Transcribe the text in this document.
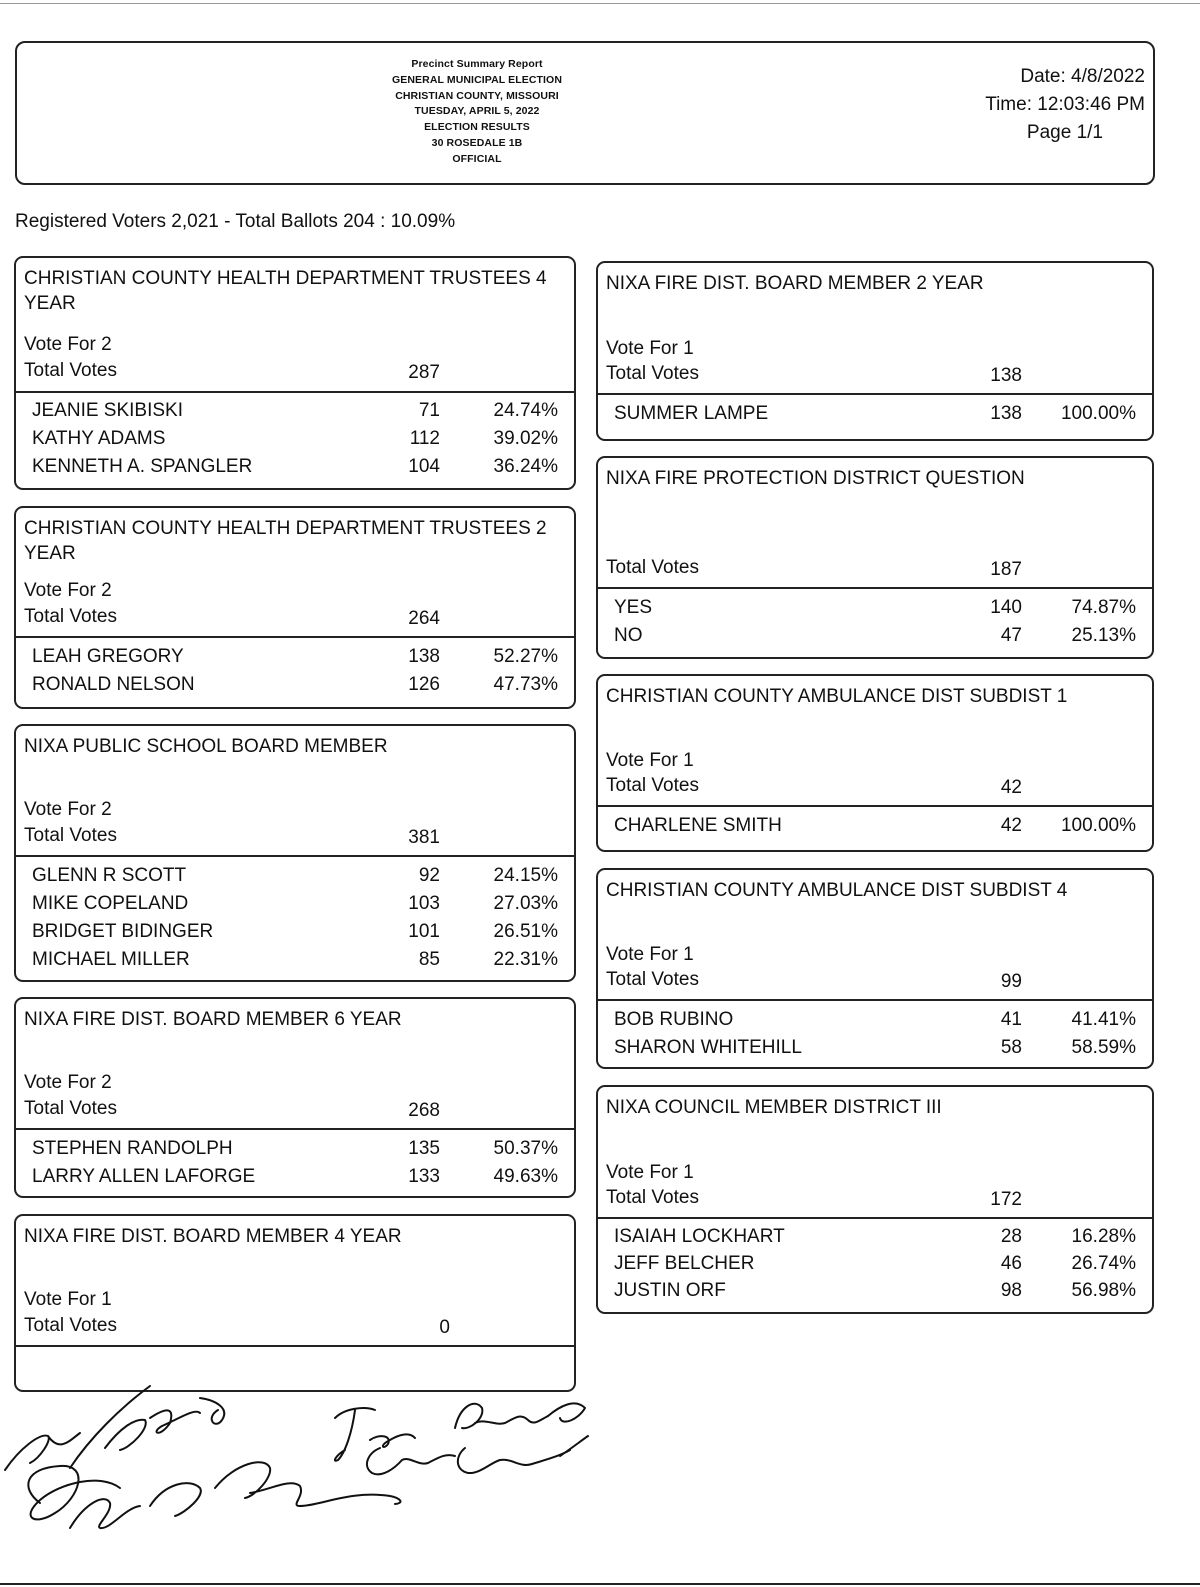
Precinct Summary Report
GENERAL MUNICIPAL ELECTION
CHRISTIAN COUNTY, MISSOURI
TUESDAY, APRIL 5, 2022
ELECTION RESULTS
30 ROSEDALE 1B
OFFICIAL
Date: 4/8/2022
Time: 12:03:46 PM
Page 1/1
Registered Voters 2,021 - Total Ballots 204 : 10.09%
CHRISTIAN COUNTY HEALTH DEPARTMENT TRUSTEES 4 YEAR
Vote For 2
Total Votes	287
JEANIE SKIBISKI	71	24.74%
KATHY ADAMS	112	39.02%
KENNETH A. SPANGLER	104	36.24%
CHRISTIAN COUNTY HEALTH DEPARTMENT TRUSTEES 2 YEAR
Vote For 2
Total Votes	264
LEAH GREGORY	138	52.27%
RONALD NELSON	126	47.73%
NIXA PUBLIC SCHOOL BOARD MEMBER
Vote For 2
Total Votes	381
GLENN R SCOTT	92	24.15%
MIKE COPELAND	103	27.03%
BRIDGET BIDINGER	101	26.51%
MICHAEL MILLER	85	22.31%
NIXA FIRE DIST. BOARD MEMBER 6 YEAR
Vote For 2
Total Votes	268
STEPHEN RANDOLPH	135	50.37%
LARRY ALLEN LAFORGE	133	49.63%
NIXA FIRE DIST. BOARD MEMBER 4 YEAR
Vote For 1
Total Votes	0
NIXA FIRE DIST. BOARD MEMBER 2 YEAR
Vote For 1
Total Votes	138
SUMMER LAMPE	138 100.00%
NIXA FIRE PROTECTION DISTRICT QUESTION
Total Votes	187
YES	140	74.87%
NO	47	25.13%
CHRISTIAN COUNTY AMBULANCE DIST SUBDIST 1
Vote For 1
Total Votes	42
CHARLENE SMITH	42 100.00%
CHRISTIAN COUNTY AMBULANCE DIST SUBDIST 4
Vote For 1
Total Votes	99
BOB RUBINO	41	41.41%
SHARON WHITEHILL	58	58.59%
NIXA COUNCIL MEMBER DISTRICT III
Vote For 1
Total Votes	172
ISAIAH LOCKHART	28	16.28%
JEFF BELCHER	46	26.74%
JUSTIN ORF	98	56.98%
